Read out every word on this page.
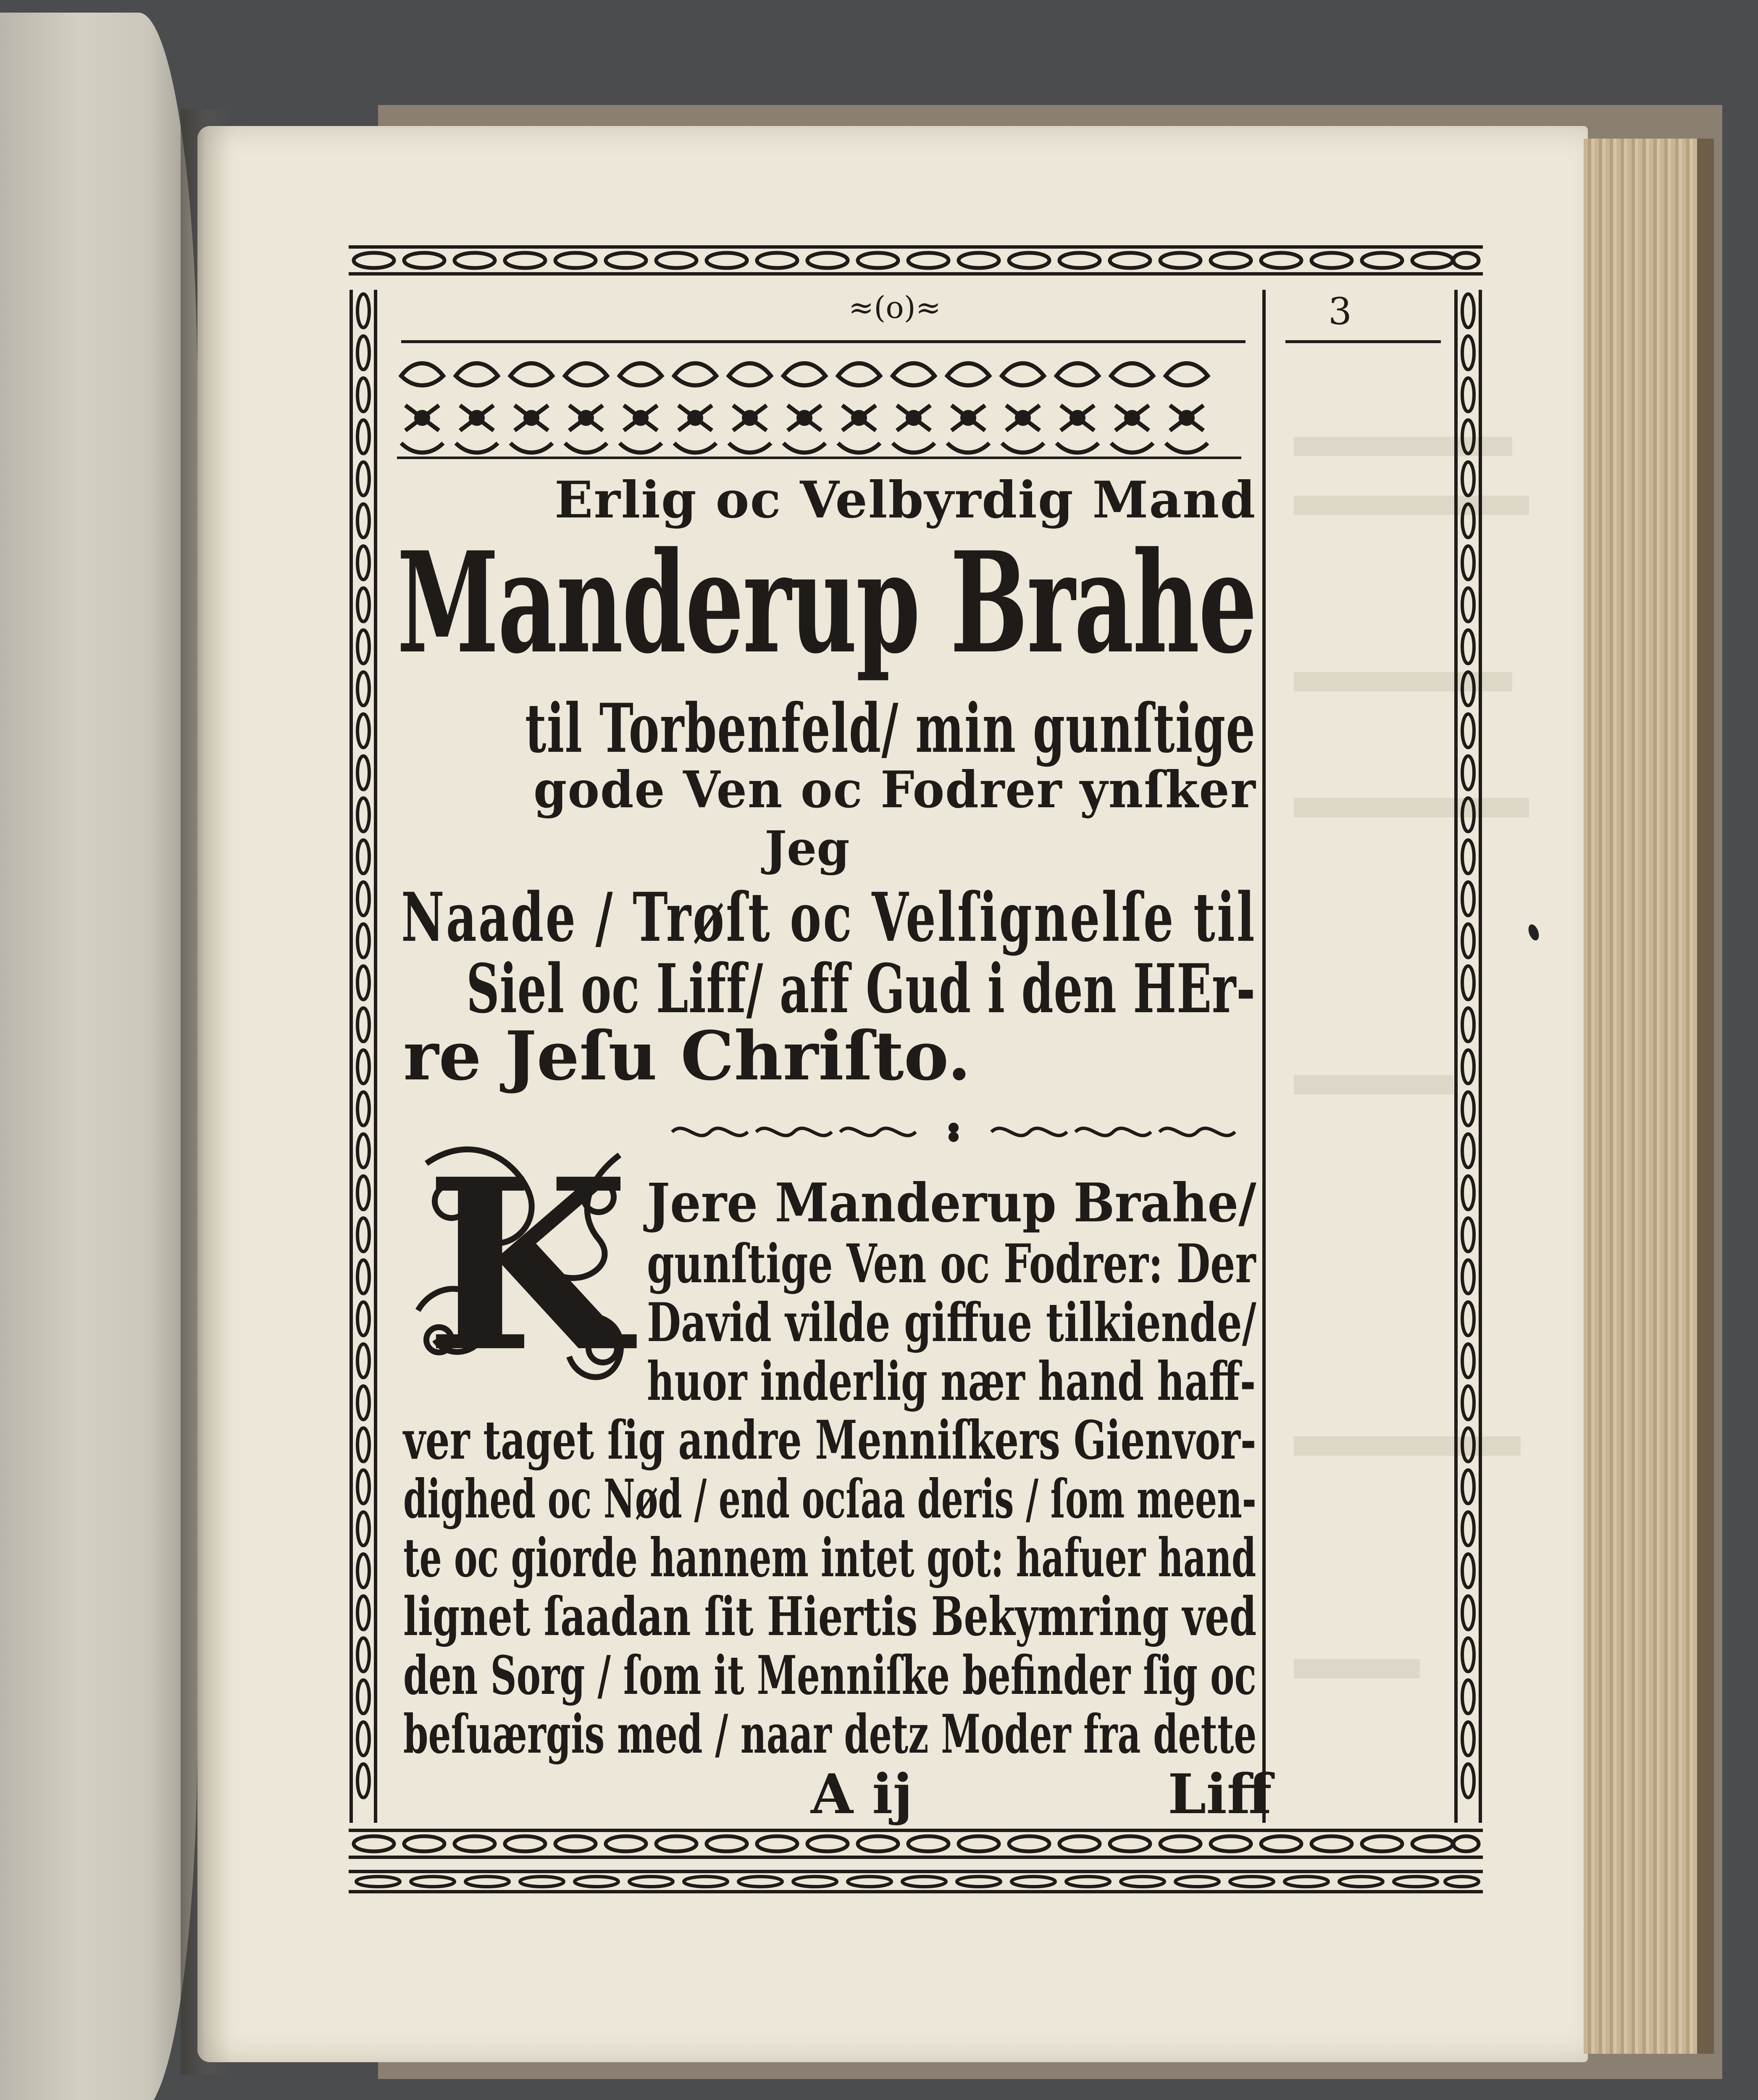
≈(o)≈	3
Erlig oc Velbyrdig Mand
Manderup Brahe
til Torbenfeld/ min gunſtige
gode Ven oc Fodrer ynſker
Jeg
Naade / Trøſt oc Velſignelſe til
Siel oc Liff/ aff Gud i den HEr-
re Jeſu Chriſto.
K Jere Manderup Brahe/
gunſtige Ven oc Fodrer: Der
David vilde giffue tilkiende/
huor inderlig nær hand haff-
ver taget ſig andre Menniſkers Gienvor-
dighed oc Nød / end ocſaa deris / ſom meen-
te oc giorde hannem intet got: hafuer hand
lignet ſaadan ſit Hiertis Bekymring ved
den Sorg / ſom it Menniſke befinder ſig oc
beſuærgis med / naar detz Moder fra dette
A ij	Liff
